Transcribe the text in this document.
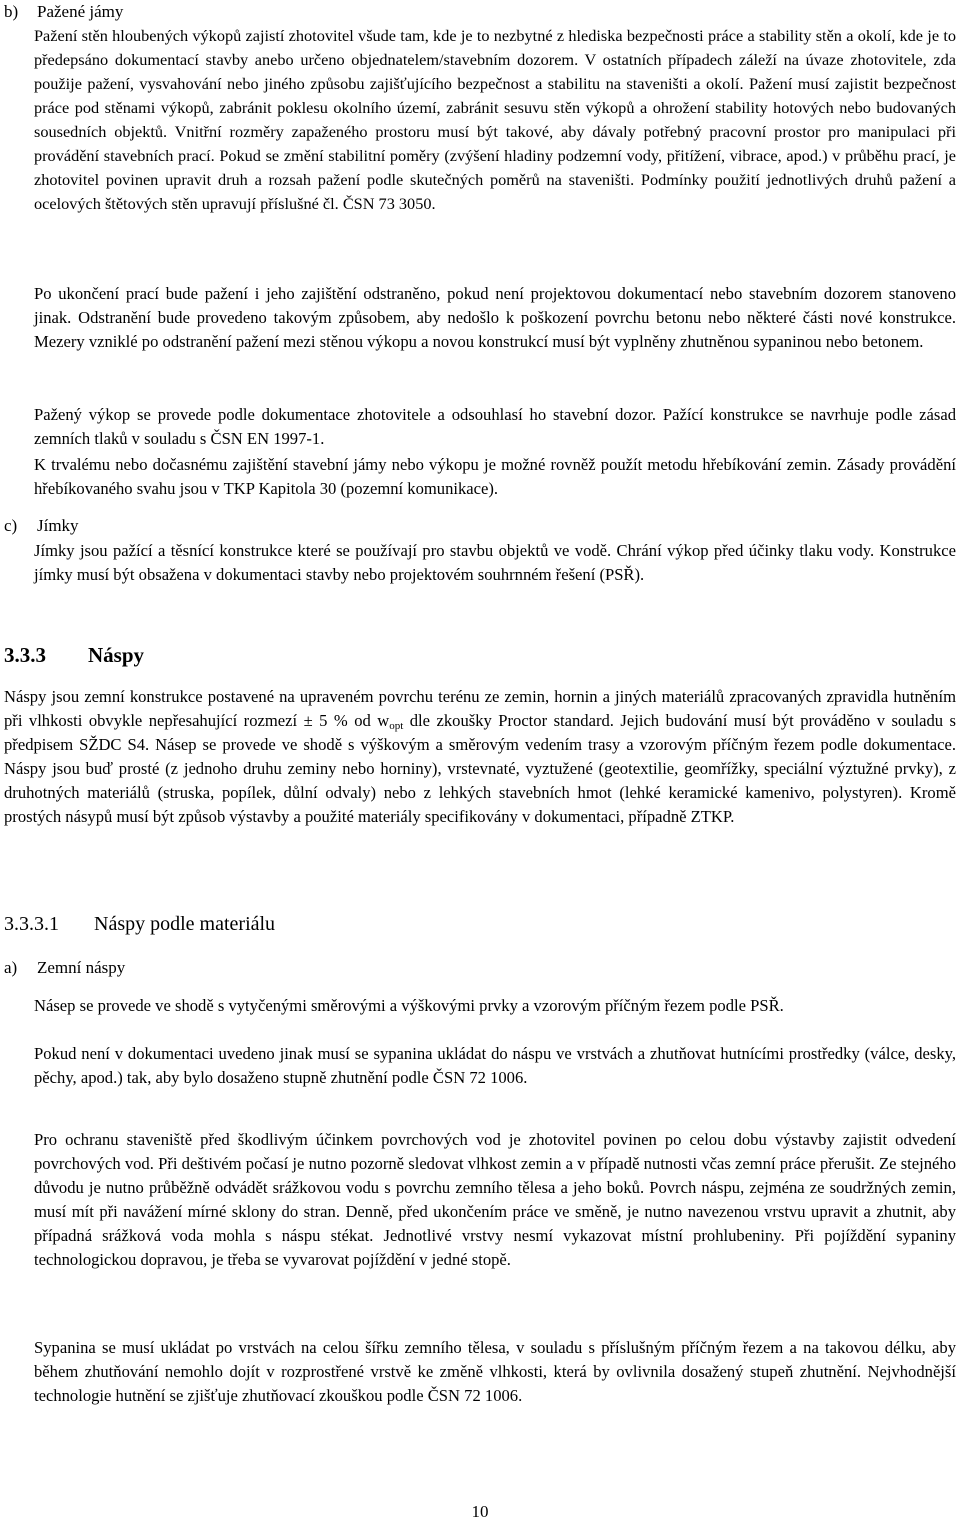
b) Pažené jámy

Pažení stěn hloubených výkopů zajistí zhotovitel všude tam, kde je to nezbytné z hlediska bezpečnosti práce a stability stěn a okolí, kde je to předepsáno dokumentací stavby anebo určeno objednatelem/stavebním dozorem. V ostatních případech záleží na úvaze zhotovitele, zda použije pažení, vysvahování nebo jiného způsobu zajišťujícího bezpečnost a stabilitu na staveništi a okolí. Pažení musí zajistit bezpečnost práce pod stěnami výkopů, zabránit poklesu okolního území, zabránit sesuvu stěn výkopů a ohrožení stability hotových nebo budovaných sousedních objektů. Vnitřní rozměry zapaženého prostoru musí být takové, aby dávaly potřebný pracovní prostor pro manipulaci při provádění stavebních prací. Pokud se změní stabilitní poměry (zvýšení hladiny podzemní vody, přitížení, vibrace, apod.) v průběhu prací, je zhotovitel povinen upravit druh a rozsah pažení podle skutečných poměrů na staveništi. Podmínky použití jednotlivých druhů pažení a ocelových štětových stěn upravují příslušné čl. ČSN 73 3050.

Po ukončení prací bude pažení i jeho zajištění odstraněno, pokud není projektovou dokumentací nebo stavebním dozorem stanoveno jinak. Odstranění bude provedeno takovým způsobem, aby nedošlo k poškození povrchu betonu nebo některé části nové konstrukce. Mezery vzniklé po odstranění pažení mezi stěnou výkopu a novou konstrukcí musí být vyplněny zhutněnou sypaninou nebo betonem.

Pažený výkop se provede podle dokumentace zhotovitele a odsouhlasí ho stavební dozor. Pažící konstrukce se navrhuje podle zásad zemních tlaků v souladu s ČSN EN 1997-1.

K trvalému nebo dočasnému zajištění stavební jámy nebo výkopu je možné rovněž použít metodu hřebíkování zemin. Zásady provádění hřebíkovaného svahu jsou v TKP Kapitola 30 (pozemní komunikace).

c) Jímky

Jímky jsou pažící a těsnící konstrukce které se používají pro stavbu objektů ve vodě. Chrání výkop před účinky tlaku vody. Konstrukce jímky musí být obsažena v dokumentaci stavby nebo projektovém souhrnném řešení (PSŘ).

3.3.3 Náspy

Náspy jsou zemní konstrukce postavené na upraveném povrchu terénu ze zemin, hornin a jiných materiálů zpracovaných zpravidla hutněním při vlhkosti obvykle nepřesahující rozmezí ± 5 % od $w_{opt}$ dle zkoušky Proctor standard. Jejich budování musí být prováděno v souladu s předpisem SŽDC S4. Násep se provede ve shodě s výškovým a směrovým vedením trasy a vzorovým příčným řezem podle dokumentace. Náspy jsou buď prosté (z jednoho druhu zeminy nebo horniny), vrstevnaté, vyztužené (geotextilie, geomřížky, speciální výztužné prvky), z druhotných materiálů (struska, popílek, důlní odvaly) nebo z lehkých stavebních hmot (lehké keramické kamenivo, polystyren). Kromě prostých násypů musí být způsob výstavby a použité materiály specifikovány v dokumentaci, případně ZTKP.

3.3.3.1 Náspy podle materiálu
a) Zemní náspy

Násep se provede ve shodě s vytyčenými směrovými a výškovými prvky a vzorovým příčným řezem podle PSŘ.

Pokud není v dokumentaci uvedeno jinak musí se sypanina ukládat do náspu ve vrstvách a zhutňovat hutnícími prostředky (válce, desky, pěchy, apod.) tak, aby bylo dosaženo stupně zhutnění podle ČSN 72 1006.

Pro ochranu staveniště před škodlivým účinkem povrchových vod je zhotovitel povinen po celou dobu výstavby zajistit odvedení povrchových vod. Při deštivém počasí je nutno pozorně sledovat vlhkost zemin a v případě nutnosti včas zemní práce přerušit. Ze stejného důvodu je nutno průběžně odvádět srážkovou vodu s povrchu zemního tělesa a jeho boků. Povrch náspu, zejména ze soudržných zemin, musí mít při navážení mírné sklony do stran. Denně, před ukončením práce ve směně, je nutno navezenou vrstvu upravit a zhutnit, aby případná srážková voda mohla s náspu stékat. Jednotlivé vrstvy nesmí vykazovat místní prohlubeniny. Při pojíždění sypaniny technologickou dopravou, je třeba se vyvarovat pojíždění v jedné stopě.

Sypanina se musí ukládat po vrstvách na celou šířku zemního tělesa, v souladu s příslušným příčným řezem a na takovou délku, aby během zhutňování nemohlo dojít v rozprostřené vrstvě ke změně vlhkosti, která by ovlivnila dosažený stupeň zhutnění. Nejvhodnější technologie hutnění se zjišťuje zhutňovací zkouškou podle ČSN 72 1006.

10
